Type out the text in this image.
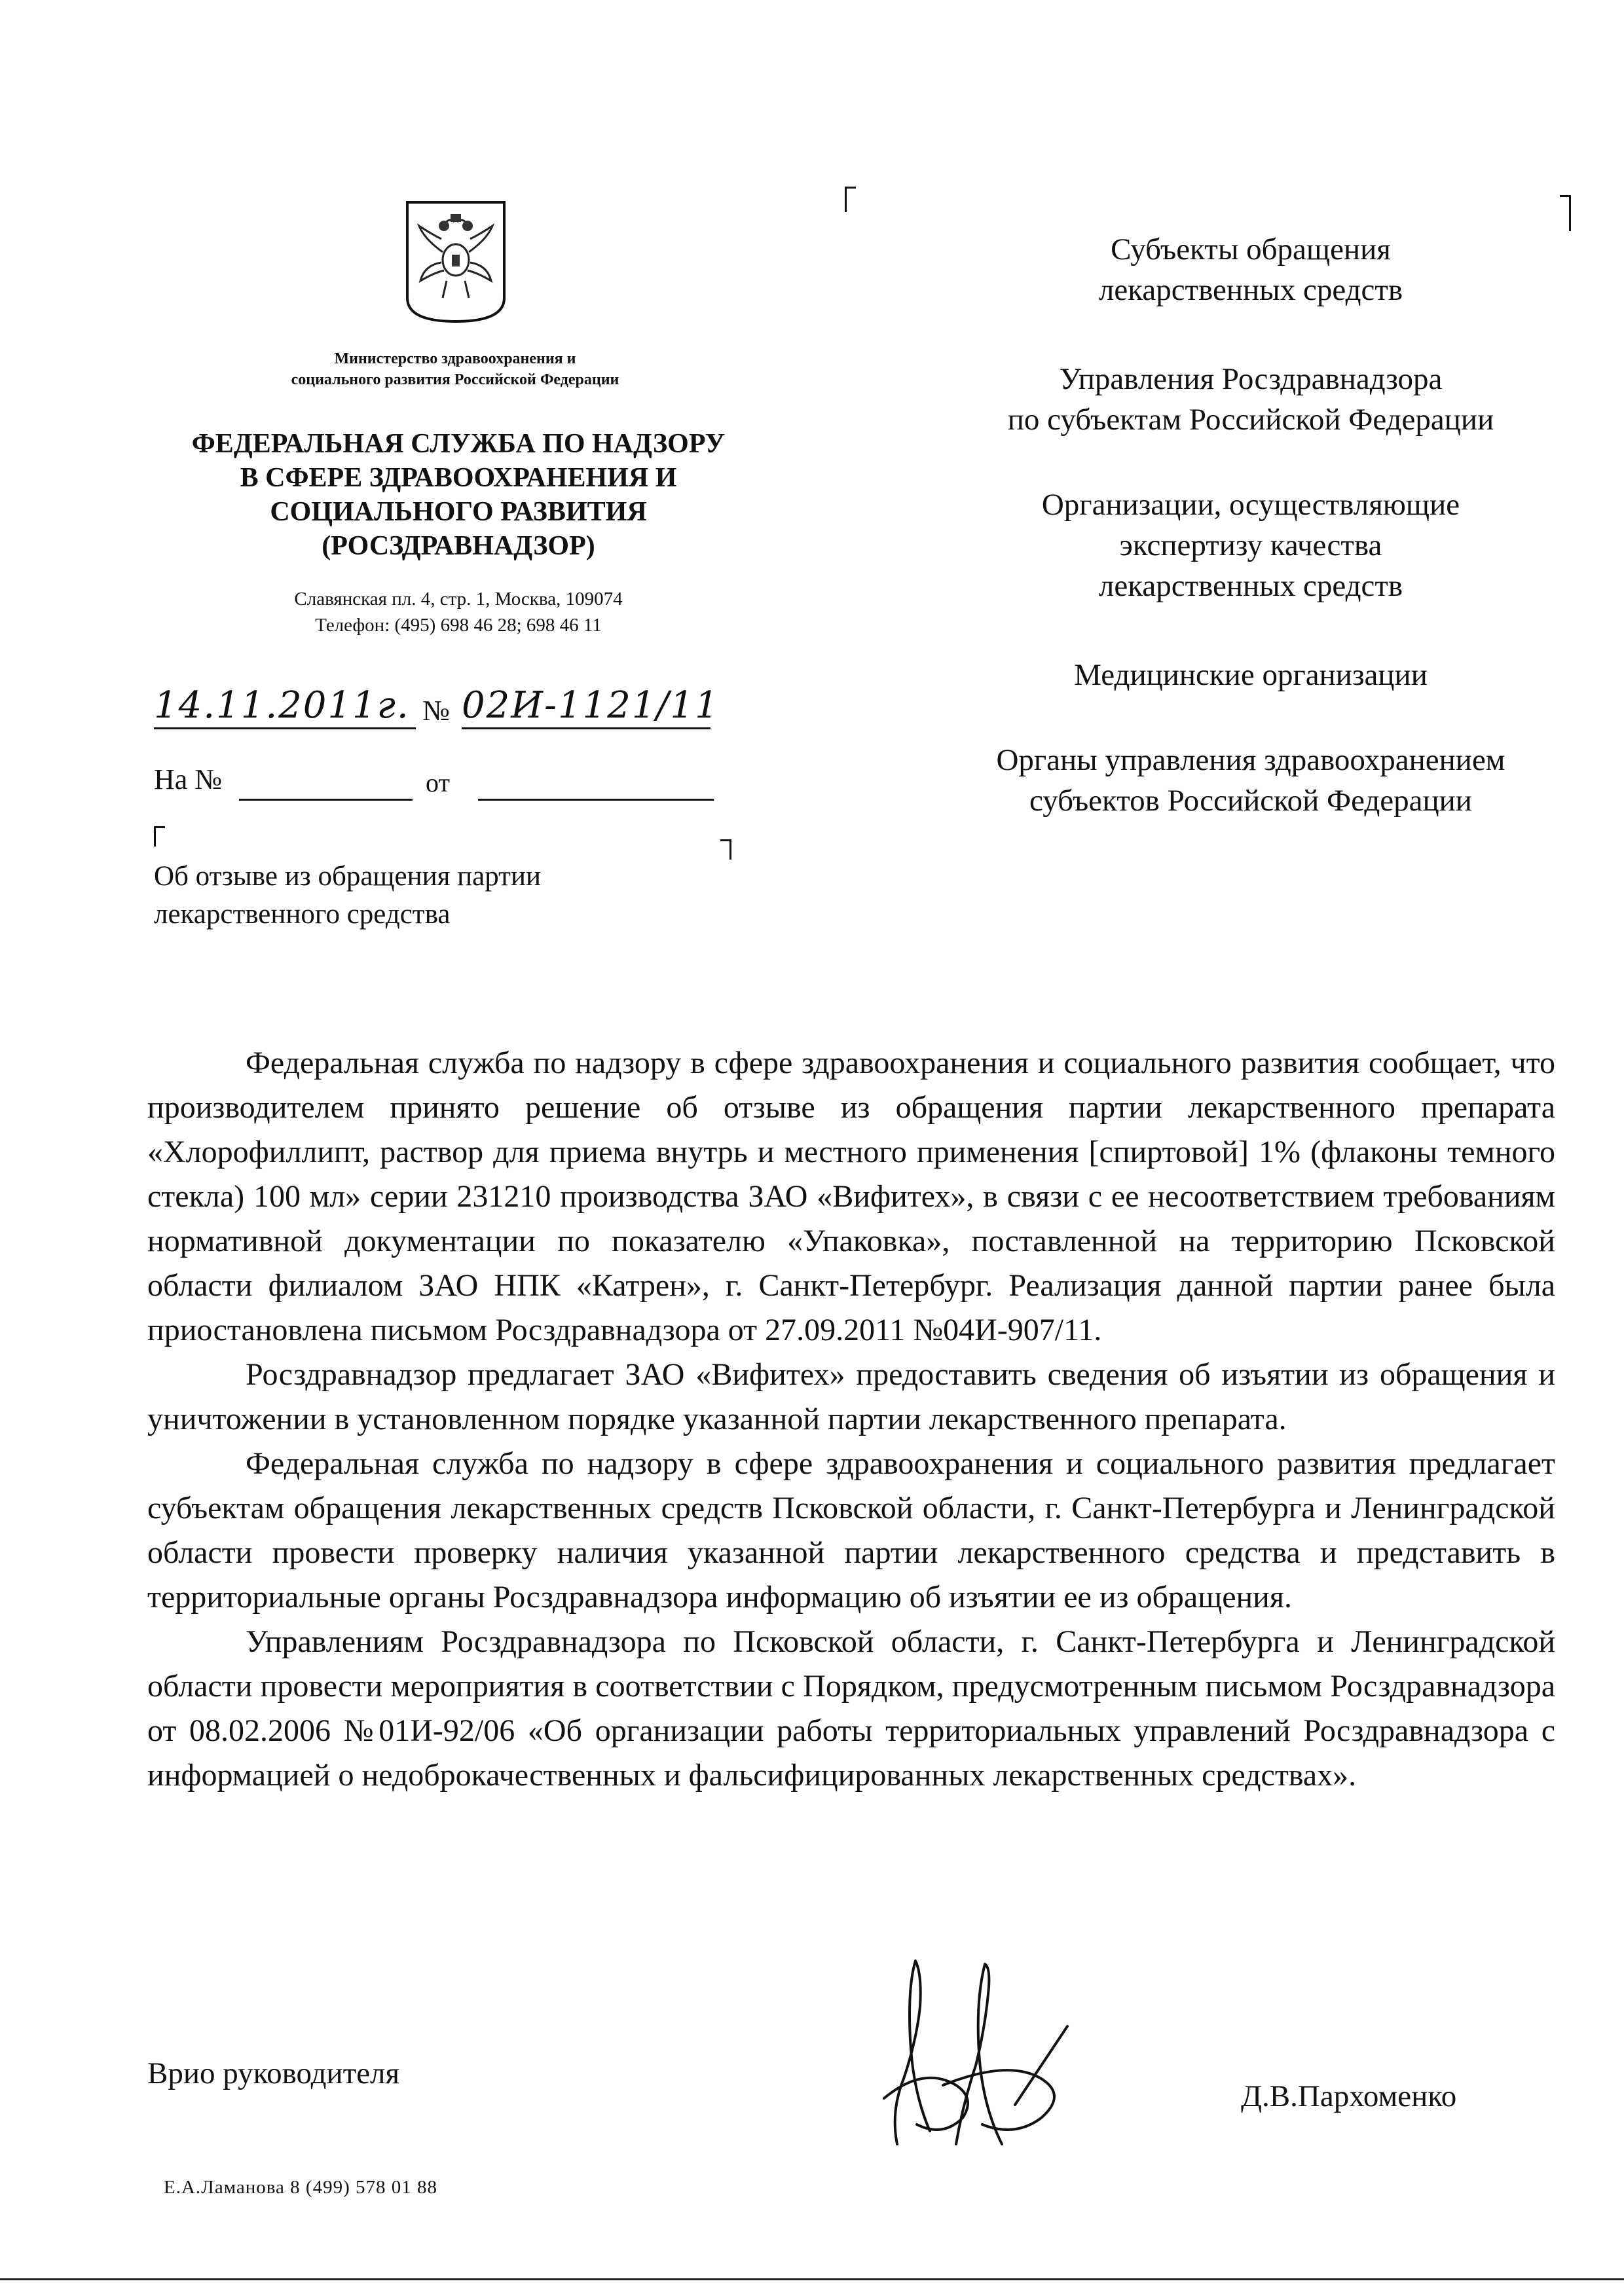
Министерство здравоохранения и
социального развития Российской Федерации
ФЕДЕРАЛЬНАЯ СЛУЖБА ПО НАДЗОРУ
В СФЕРЕ ЗДРАВООХРАНЕНИЯ И
СОЦИАЛЬНОГО РАЗВИТИЯ
(РОСЗДРАВНАДЗОР)
Славянская пл. 4, стр. 1, Москва, 109074
Телефон: (495) 698 46 28; 698 46 11
14.11.2011г. № 02И-1121/11
На №	от
Об отзыве из обращения партии
лекарственного средства
Субъекты обращения
лекарственных средств
Управления Росздравнадзора
по субъектам Российской Федерации
Организации, осуществляющие
экспертизу качества
лекарственных средств
Медицинские организации
Органы управления здравоохранением
субъектов Российской Федерации

Федеральная служба по надзору в сфере здравоохранения и социального развития сообщает, что производителем принято решение об отзыве из обращения партии лекарственного препарата «Хлорофиллипт, раствор для приема внутрь и местного применения [спиртовой] 1% (флаконы темного стекла) 100 мл» серии 231210 производства ЗАО «Вифитех», в связи с ее несоответствием требованиям нормативной документации по показателю «Упаковка», поставленной на территорию Псковской области филиалом ЗАО НПК «Катрен», г. Санкт-Петербург. Реализация данной партии ранее была приостановлена письмом Росздравнадзора от 27.09.2011 №04И-907/11.

Росздравнадзор предлагает ЗАО «Вифитех» предоставить сведения об изъятии из обращения и уничтожении в установленном порядке указанной партии лекарственного препарата.

Федеральная служба по надзору в сфере здравоохранения и социального развития предлагает субъектам обращения лекарственных средств Псковской области, г. Санкт-Петербурга и Ленинградской области провести проверку наличия указанной партии лекарственного средства и представить в территориальные органы Росздравнадзора информацию об изъятии ее из обращения.

Управлениям Росздравнадзора по Псковской области, г. Санкт-Петербурга и Ленинградской области провести мероприятия в соответствии с Порядком, предусмотренным письмом Росздравнадзора от 08.02.2006 №01И-92/06 «Об организации работы территориальных управлений Росздравнадзора с информацией о недоброкачественных и фальсифицированных лекарственных средствах».

Врио руководителя
Д.В.Пархоменко
Е.А.Ламанова 8 (499) 578 01 88
